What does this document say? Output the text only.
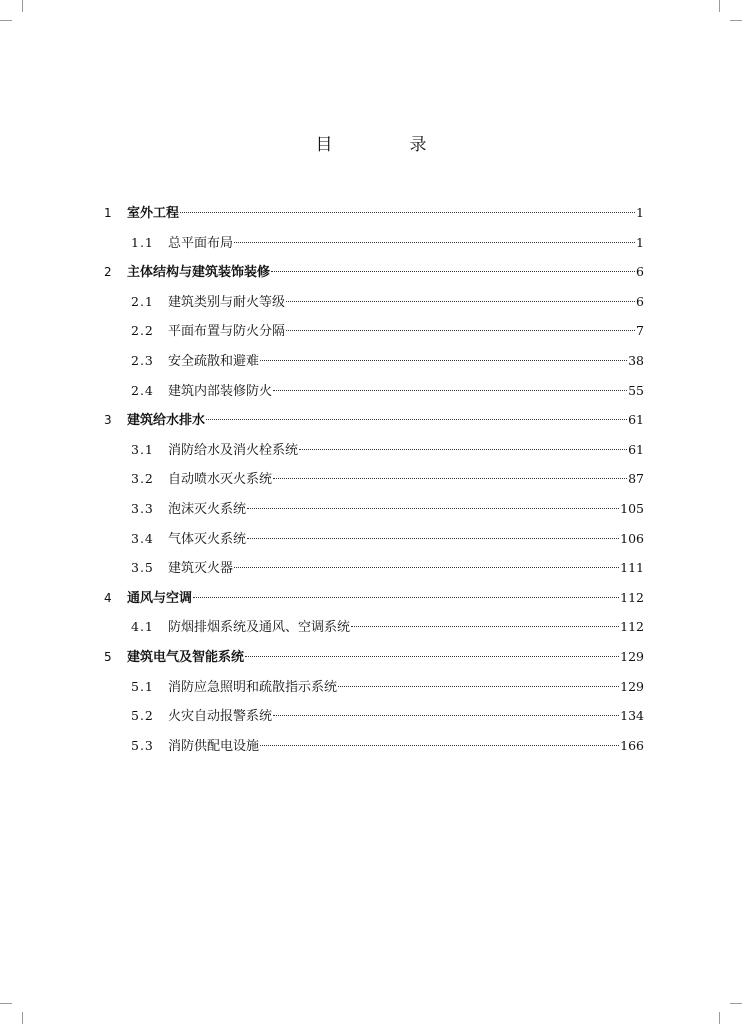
目　录
1	室外工程	1
1.1	总平面布局	1
2	主体结构与建筑装饰装修	6
2.1	建筑类别与耐火等级	6
2.2	平面布置与防火分隔	7
2.3	安全疏散和避难	38
2.4	建筑内部装修防火	55
3	建筑给水排水	61
3.1	消防给水及消火栓系统	61
3.2	自动喷水灭火系统	87
3.3	泡沫灭火系统	105
3.4	气体灭火系统	106
3.5	建筑灭火器	111
4	通风与空调	112
4.1	防烟排烟系统及通风、空调系统	112
5	建筑电气及智能系统	129
5.1	消防应急照明和疏散指示系统	129
5.2	火灾自动报警系统	134
5.3	消防供配电设施	166
